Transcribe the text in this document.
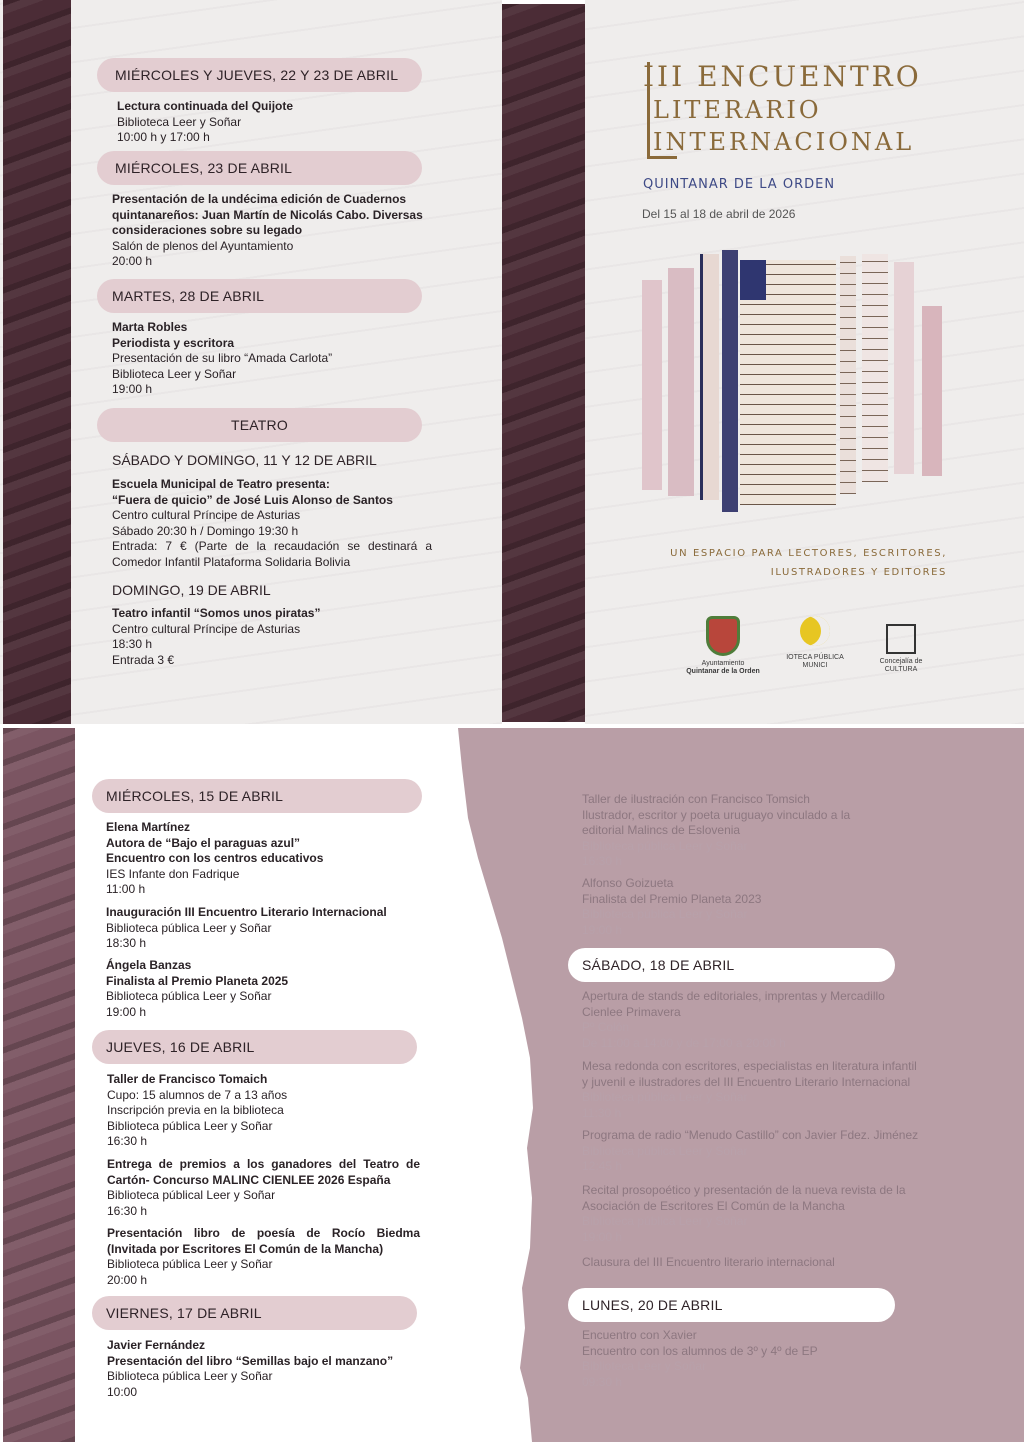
MIÉRCOLES Y JUEVES, 22 Y 23 DE ABRIL
Lectura continuada del Quijote
Biblioteca Leer y Soñar
10:00 h y 17:00 h
MIÉRCOLES, 23 DE ABRIL
Presentación de la undécima edición de Cuadernos
quintanareños: Juan Martín de Nicolás Cabo. Diversas
consideraciones sobre su legado
Salón de plenos del Ayuntamiento
20:00 h
MARTES, 28 DE ABRIL
Marta Robles
Periodista y escritora
Presentación de su libro “Amada Carlota”
Biblioteca Leer y Soñar
19:00 h
TEATRO
SÁBADO Y DOMINGO, 11 Y 12 DE ABRIL
Escuela Municipal de Teatro presenta:
“Fuera de quicio” de José Luis Alonso de Santos
Centro cultural Príncipe de Asturias
Sábado 20:30 h / Domingo 19:30 h
Entrada: 7 € (Parte de la recaudación se destinará a
Comedor Infantil Plataforma Solidaria Bolivia
DOMINGO, 19 DE ABRIL
Teatro infantil “Somos unos piratas”
Centro cultural Príncipe de Asturias
18:30 h
Entrada 3 €
III ENCUENTRO
LITERARIO
INTERNACIONAL
QUINTANAR DE LA ORDEN
Del 15 al 18 de abril de 2026
UN ESPACIO PARA LECTORES, ESCRITORES,
ILUSTRADORES Y EDITORES
Ayuntamiento
Quintanar de la Orden
IOTECA PÚBLICA MUNICI
Concejalía de
CULTURA
MIÉRCOLES, 15 DE ABRIL
Elena Martínez
Autora de “Bajo el paraguas azul”
Encuentro con los centros educativos
IES Infante don Fadrique
11:00 h
Inauguración III Encuentro Literario Internacional
Biblioteca pública Leer y Soñar
18:30 h
Ángela Banzas
Finalista al Premio Planeta 2025
Biblioteca pública Leer y Soñar
19:00 h
JUEVES, 16 DE ABRIL
Taller de Francisco Tomaich
Cupo: 15 alumnos de 7 a 13 años
Inscripción previa en la biblioteca
Biblioteca pública Leer y Soñar
16:30 h
Entrega de premios a los ganadores del Teatro de
Cartón- Concurso MALINC CIENLEE 2026 España
Biblioteca públical Leer y Soñar
16:30 h
Presentación libro de poesía de Rocío Biedma
(Invitada por Escritores El Común de la Mancha)
Biblioteca pública Leer y Soñar
20:00 h
VIERNES, 17 DE ABRIL
Javier Fernández
Presentación del libro “Semillas bajo el manzano”
Biblioteca pública Leer y Soñar
10:00
Taller de ilustración con Francisco Tomsich
Ilustrador, escritor y poeta uruguayo vinculado a la
editorial Malincs de Eslovenia
Biblioteca pública Leer y Soñar
16:30 h
Alfonso Goizueta
Finalista del Premio Planeta 2023
Biblioteca pública Leer y Soñar
19:00 h
SÁBADO, 18 DE ABRIL
Apertura de stands de editoriales, imprentas y Mercadillo
Cienlee Primavera
Pº Colón
De 11:00 a 14:00 y de 17:00 a 20:00 h
Mesa redonda con escritores, especialistas en literatura infantil
y juvenil e ilustradores del III Encuentro Literario Internacional
Biblioteca pública Leer y Soñar
11:30 h
Programa de radio “Menudo Castillo” con Javier Fdez. Jiménez
Biblioteca pública Leer y Soñar
12:45 h
Recital prosopoético y presentación de la nueva revista de la
Asociación de Escritores El Común de la Mancha
Biblioteca pública Leer y Soñar
19:00 h
Clausura del III Encuentro literario internacional
LUNES, 20 DE ABRIL
Encuentro con Xavier
Encuentro con los alumnos de 3º y 4º de EP
Biblioteca Leer y Soñar
09:30 h
